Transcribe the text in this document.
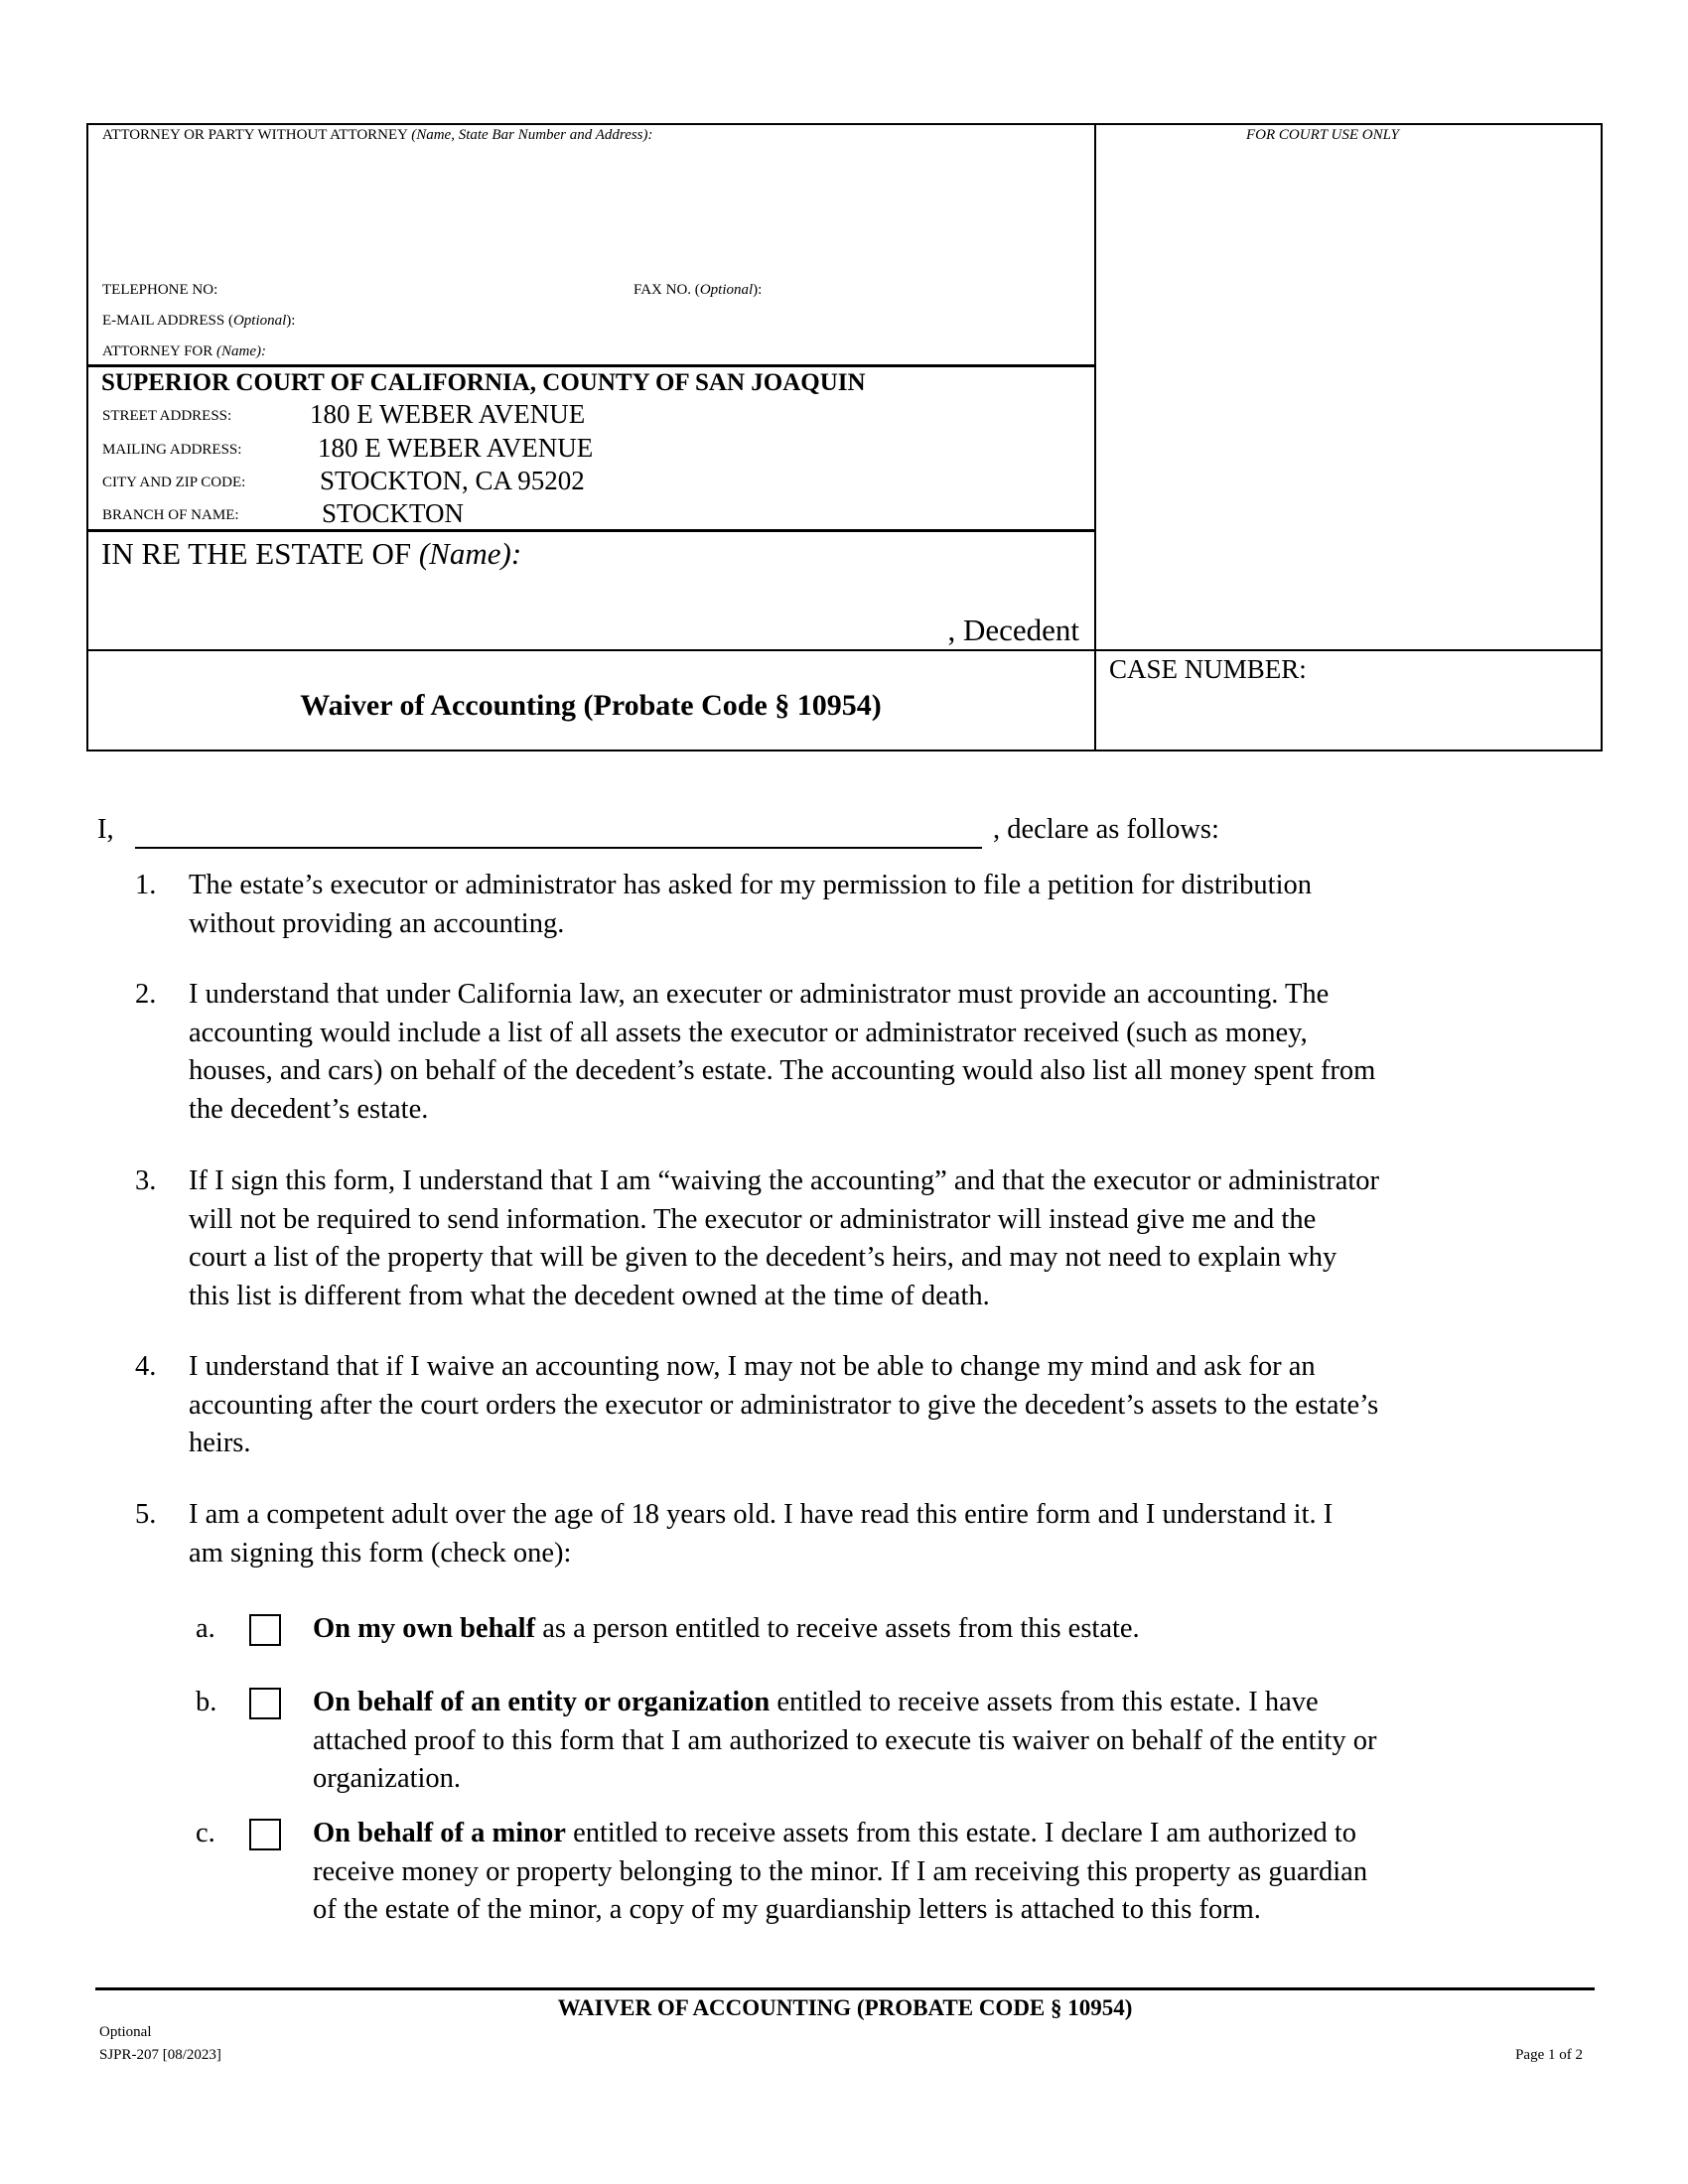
ATTORNEY OR PARTY WITHOUT ATTORNEY (Name, State Bar Number and Address):	FOR COURT USE ONLY
TELEPHONE NO:	FAX NO. (Optional):
E-MAIL ADDRESS (Optional):
ATTORNEY FOR (Name):
SUPERIOR COURT OF CALIFORNIA, COUNTY OF SAN JOAQUIN
STREET ADDRESS:	180 E WEBER AVENUE
MAILING ADDRESS:	180 E WEBER AVENUE
CITY AND ZIP CODE:	STOCKTON, CA 95202
BRANCH OF NAME:	STOCKTON
IN RE THE ESTATE OF (Name):
, Decedent
CASE NUMBER:
Waiver of Accounting (Probate Code § 10954)
I,	, declare as follows:
1. The estate’s executor or administrator has asked for my permission to file a petition for distribution
without providing an accounting.
2. I understand that under California law, an executer or administrator must provide an accounting. The
accounting would include a list of all assets the executor or administrator received (such as money,
houses, and cars) on behalf of the decedent’s estate. The accounting would also list all money spent from
the decedent’s estate.
3. If I sign this form, I understand that I am “waiving the accounting” and that the executor or administrator
will not be required to send information. The executor or administrator will instead give me and the
court a list of the property that will be given to the decedent’s heirs, and may not need to explain why
this list is different from what the decedent owned at the time of death.
4. I understand that if I waive an accounting now, I may not be able to change my mind and ask for an
accounting after the court orders the executor or administrator to give the decedent’s assets to the estate’s
heirs.
5. I am a competent adult over the age of 18 years old. I have read this entire form and I understand it. I
am signing this form (check one):
a.	On my own behalf as a person entitled to receive assets from this estate.
b.	On behalf of an entity or organization entitled to receive assets from this estate. I have
attached proof to this form that I am authorized to execute tis waiver on behalf of the entity or
organization.
c.	On behalf of a minor entitled to receive assets from this estate. I declare I am authorized to
receive money or property belonging to the minor. If I am receiving this property as guardian
of the estate of the minor, a copy of my guardianship letters is attached to this form.
WAIVER OF ACCOUNTING (PROBATE CODE § 10954)
Optional
SJPR-207 [08/2023]	Page 1 of 2
